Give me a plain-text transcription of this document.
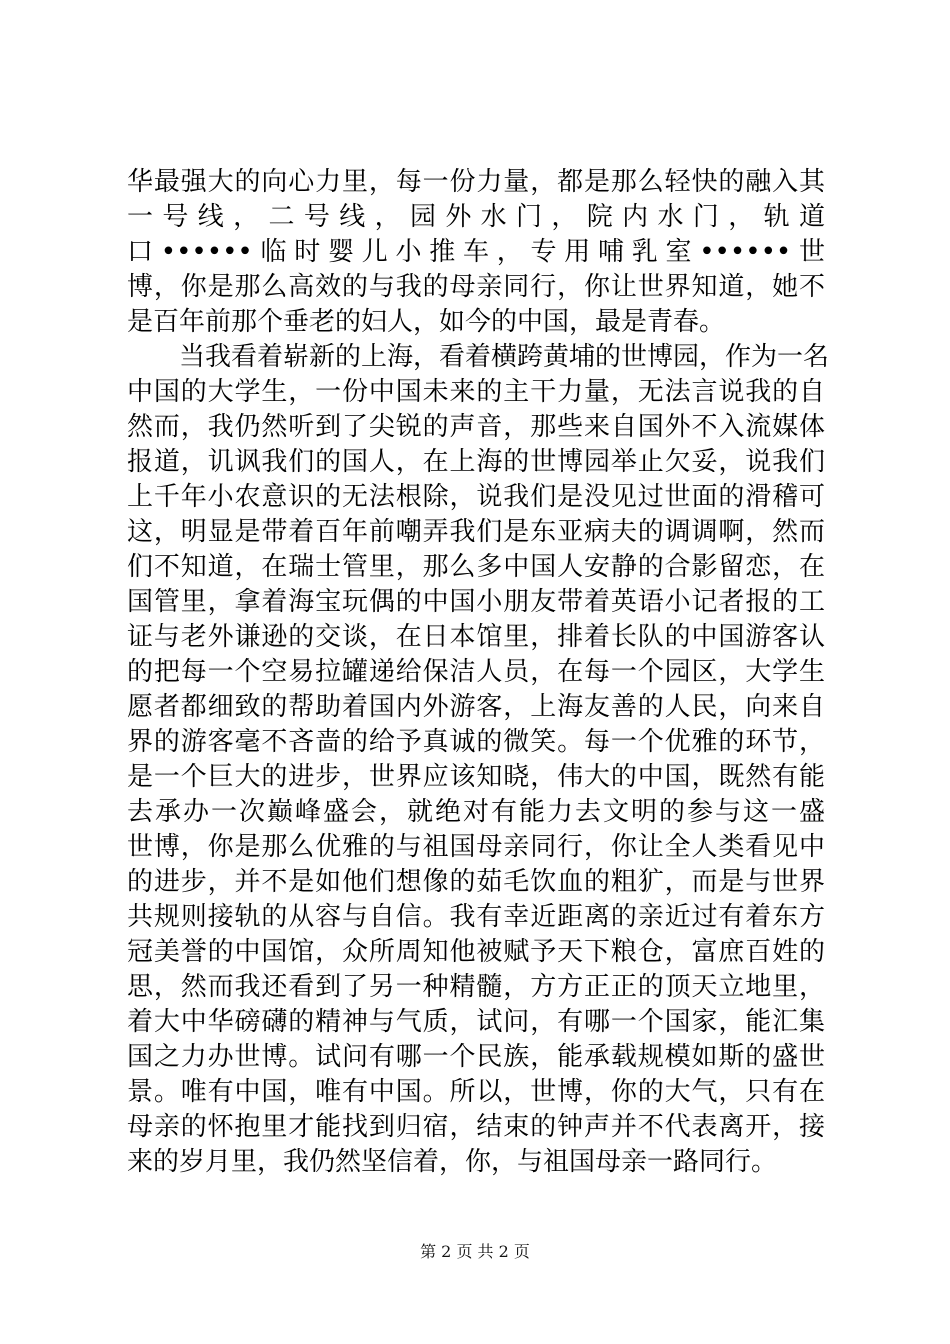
华最强大的向心力里，每一份力量，都是那么轻快的融入其
一 号 线 ， 二 号 线 ， 园 外 水 门 ， 院 内 水 门 ， 轨 道
口••••••临时婴儿小推车，专用哺乳室••••••世
博，你是那么高效的与我的母亲同行，你让世界知道，她不
是百年前那个垂老的妇人，如今的中国，最是青春。
当我看着崭新的上海，看着横跨黄埔的世博园，作为一名
中国的大学生，一份中国未来的主干力量，无法言说我的自
然而，我仍然听到了尖锐的声音，那些来自国外不入流媒体
报道，讥讽我们的国人，在上海的世博园举止欠妥，说我们
上千年小农意识的无法根除，说我们是没见过世面的滑稽可
这，明显是带着百年前嘲弄我们是东亚病夫的调调啊，然而
们不知道，在瑞士管里，那么多中国人安静的合影留恋，在
国管里，拿着海宝玩偶的中国小朋友带着英语小记者报的工
证与老外谦逊的交谈，在日本馆里，排着长队的中国游客认
的把每一个空易拉罐递给保洁人员，在每一个园区，大学生
愿者都细致的帮助着国内外游客，上海友善的人民，向来自
界的游客毫不吝啬的给予真诚的微笑。每一个优雅的环节，
是一个巨大的进步，世界应该知晓，伟大的中国，既然有能
去承办一次巅峰盛会，就绝对有能力去文明的参与这一盛
世博，你是那么优雅的与祖国母亲同行，你让全人类看见中
的进步，并不是如他们想像的茹毛饮血的粗犷，而是与世界
共规则接轨的从容与自信。我有幸近距离的亲近过有着东方
冠美誉的中国馆，众所周知他被赋予天下粮仓，富庶百姓的
思，然而我还看到了另一种精髓，方方正正的顶天立地里，
着大中华磅礴的精神与气质，试问，有哪一个国家，能汇集
国之力办世博。试问有哪一个民族，能承载规模如斯的盛世
景。唯有中国，唯有中国。所以，世博，你的大气，只有在
母亲的怀抱里才能找到归宿，结束的钟声并不代表离开，接
来的岁月里，我仍然坚信着，你，与祖国母亲一路同行。
第 2 页 共 2 页
